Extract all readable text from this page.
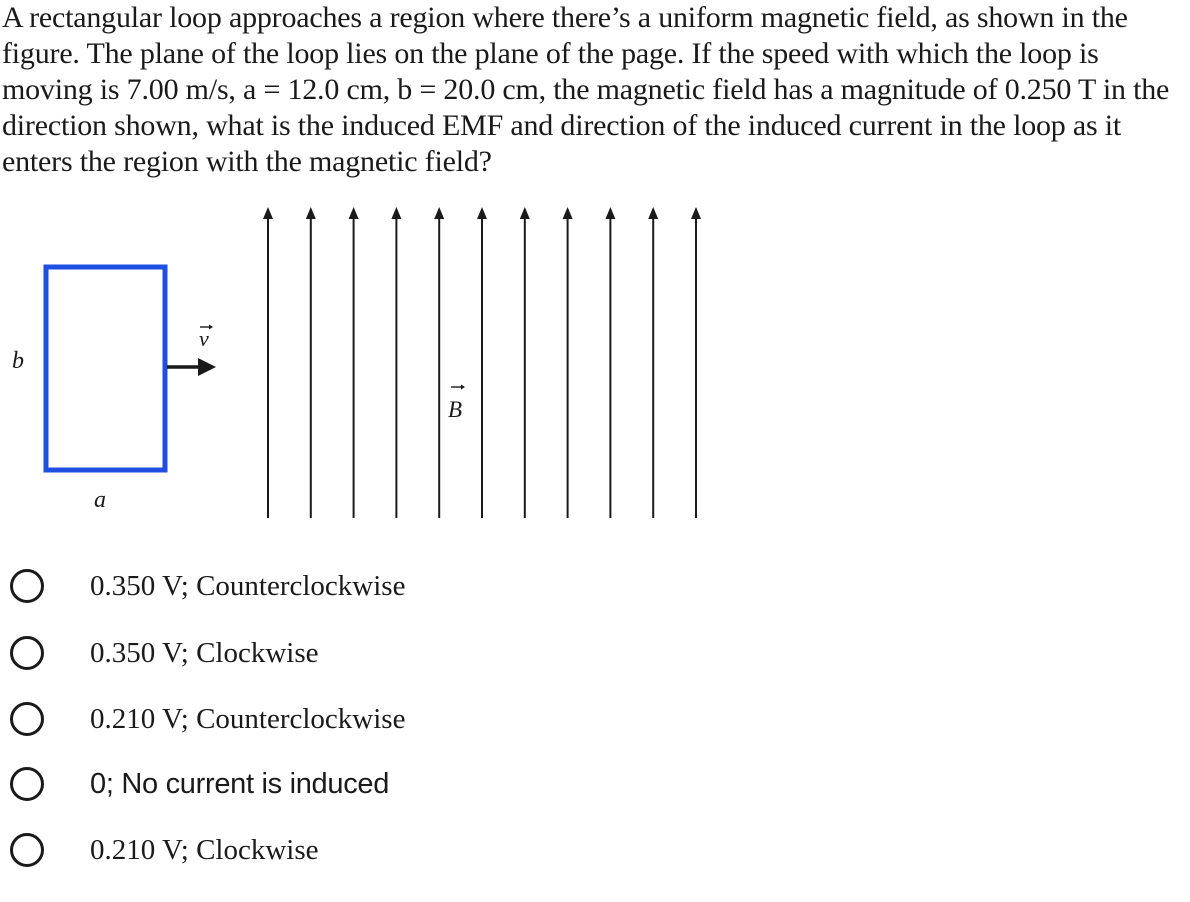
A rectangular loop approaches a region where there’s a uniform magnetic field, as shown in the figure. The plane of the loop lies on the plane of the page. If the speed with which the loop is moving is 7.00 m/s, a = 12.0 cm, b = 20.0 cm, the magnetic field has a magnitude of 0.250 T in the direction shown, what is the induced EMF and direction of the induced current in the loop as it enters the region with the magnetic field?

v
B
b
a
0.350 V; Counterclockwise
0.350 V; Clockwise
0.210 V; Counterclockwise
0; No current is induced
0.210 V; Clockwise
